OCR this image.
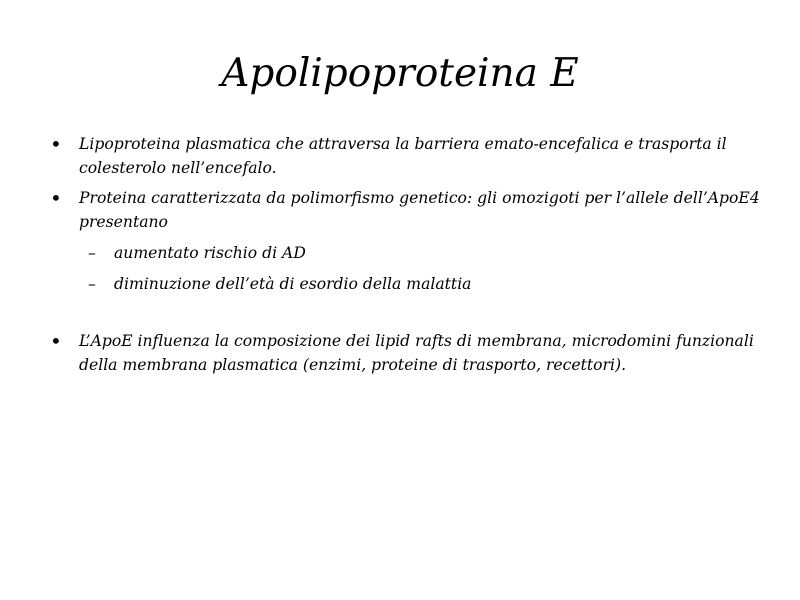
Apolipoproteina E

• Lipoproteina plasmatica che attraversa la barriera emato-encefalica e trasporta il colesterolo nell’encefalo.

• Proteina caratterizzata da polimorfismo genetico: gli omozigoti per l’allele dell’ApoE4 presentano

– aumentato rischio di AD

– diminuzione dell’età di esordio della malattia

• L’ApoE influenza la composizione dei lipid rafts di membrana, microdomini funzionali della membrana plasmatica (enzimi, proteine di trasporto, recettori).
